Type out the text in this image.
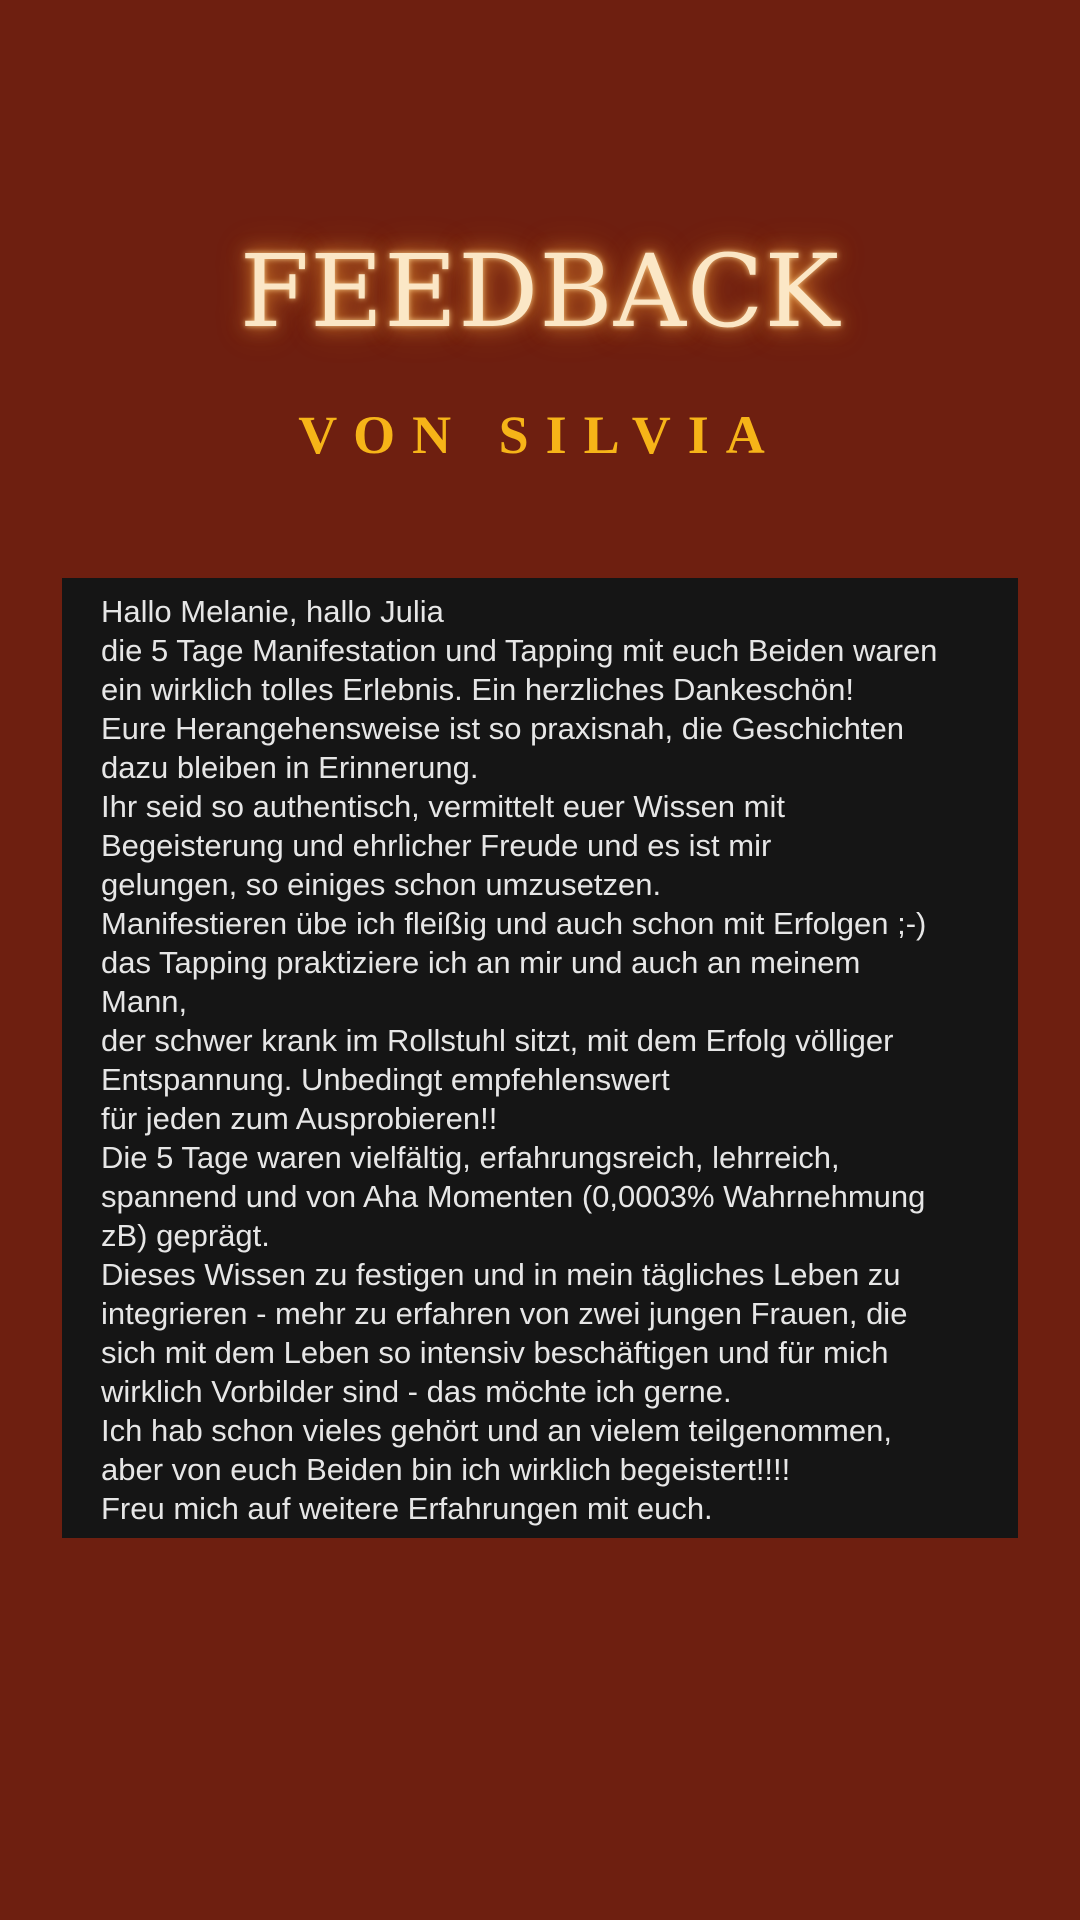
FEEDBACK
VON SILVIA
Hallo Melanie, hallo Julia
die 5 Tage Manifestation und Tapping mit euch Beiden waren
ein wirklich tolles Erlebnis. Ein herzliches Dankeschön!
Eure Herangehensweise ist so praxisnah, die Geschichten
dazu bleiben in Erinnerung.
Ihr seid so authentisch, vermittelt euer Wissen mit
Begeisterung und ehrlicher Freude und es ist mir
gelungen, so einiges schon umzusetzen.
Manifestieren übe ich fleißig und auch schon mit Erfolgen ;-)
das Tapping praktiziere ich an mir und auch an meinem
Mann,
der schwer krank im Rollstuhl sitzt, mit dem Erfolg völliger
Entspannung. Unbedingt empfehlenswert
für jeden zum Ausprobieren!!
Die 5 Tage waren vielfältig, erfahrungsreich, lehrreich,
spannend und von Aha Momenten (0,0003% Wahrnehmung
zB) geprägt.
Dieses Wissen zu festigen und in mein tägliches Leben zu
integrieren - mehr zu erfahren von zwei jungen Frauen, die
sich mit dem Leben so intensiv beschäftigen und für mich
wirklich Vorbilder sind - das möchte ich gerne.
Ich hab schon vieles gehört und an vielem teilgenommen,
aber von euch Beiden bin ich wirklich begeistert!!!!
Freu mich auf weitere Erfahrungen mit euch.
